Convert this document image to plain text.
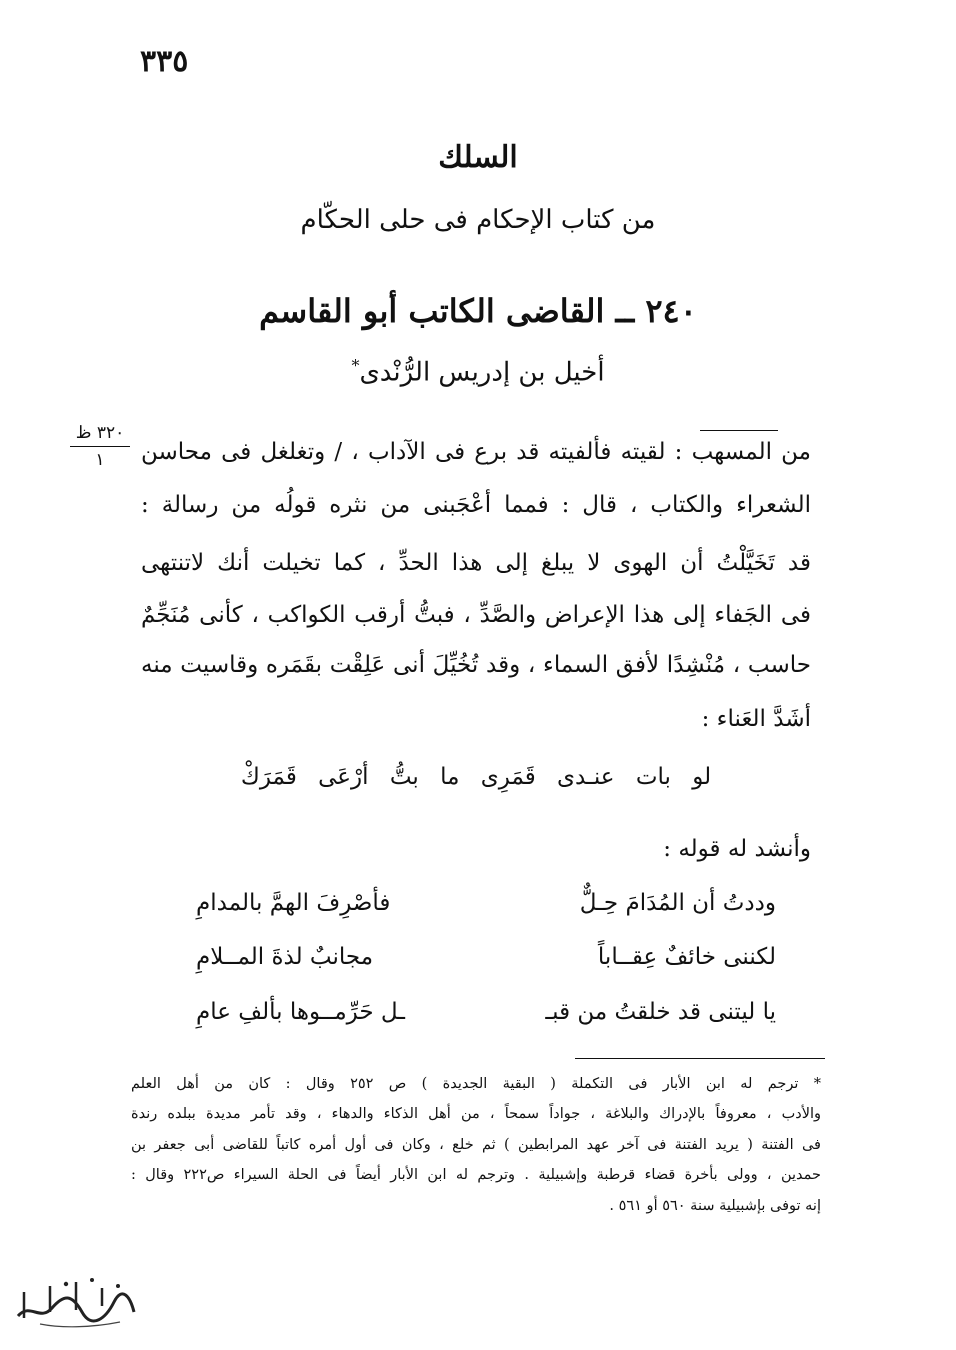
٣٣٥
السلك
من كتاب الإحكام فى حلى الحكّام
٢٤٠ ــ القاضى الكاتب أبو القاسم
أخيل بن إدريس الرُّنْدى*
٣٢٠ ظ
١	من المسهب : لقيته فألفيته قد برع فى الآداب ، / وتغلغل فى محاسن
الشعراء والكتاب ، قال : فمما أعْجَبنى من نثره قولُه من رسالة :
قد تَخَيَّلْتُ أن الهوى لا يبلغ إلى هذا الحدِّ ، كما تخيلت أنك لاتنتهى
فى الجَفاء إلى هذا الإعراض والصَّدِّ ، فبتُّ أرقب الكواكب ، كأنى مُنَجِّمٌ
حاسب ، مُنْشِدًا لأفق السماء ، وقد تُخُيِّلَ أنى عَلِقْت بقَمَره وقاسيت منه
أشَدَّ العَناء :
لو بات عنـدى قَمَرِى ما بتُّ أرْعَى قَمَرَكْ
وأنشد له قوله :
وددتُ أن المُدَامَ حِـلٌّ
فأصْرِفَ الهمَّ بالمدامِ
لكننى خائفٌ عِقــاباً
مجانبٌ لذةَ المــلامِ
يا ليتنى قد خلقتُ من قبـ
ـل حَرِّمــوها بألفِ عامِ
* ترجم له ابن الأبار فى التكملة ( البقية الجديدة ) ص ٢٥٢ وقال : كان من أهل العلم
والأدب ، معروفاً بالإدراك والبلاغة ، جواداً سمحاً ، من أهل الذكاء والدهاء ، وقد تأمر مديدة ببلده رندة
فى الفتنة ( يريد الفتنة فى آخر عهد المرابطين ) ثم خلع ، وكان فى أول أمره كاتباً للقاضى أبى جعفر بن
حمدين ، وولى بأخرة قضاء قرطبة وإشبيلية . وترجم له ابن الأبار أيضاً فى الحلة السيراء ص٢٢٢ وقال :
إنه توفى بإشبيلية سنة ٥٦٠ أو ٥٦١ .
